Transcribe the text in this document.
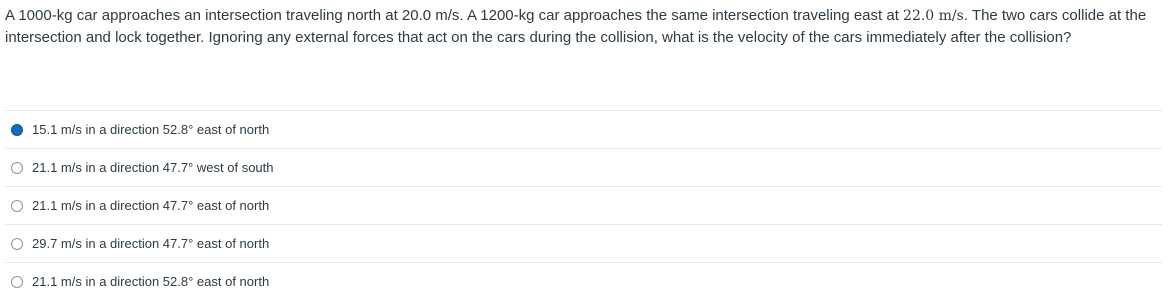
A 1000-kg car approaches an intersection traveling north at 20.0 m/s. A 1200-kg car approaches the same intersection traveling east at 22.0 m/s. The two cars collide at the intersection and lock together. Ignoring any external forces that act on the cars during the collision, what is the velocity of the cars immediately after the collision?
15.1 m/s in a direction 52.8° east of north
21.1 m/s in a direction 47.7° west of south
21.1 m/s in a direction 47.7° east of north
29.7 m/s in a direction 47.7° east of north
21.1 m/s in a direction 52.8° east of north
